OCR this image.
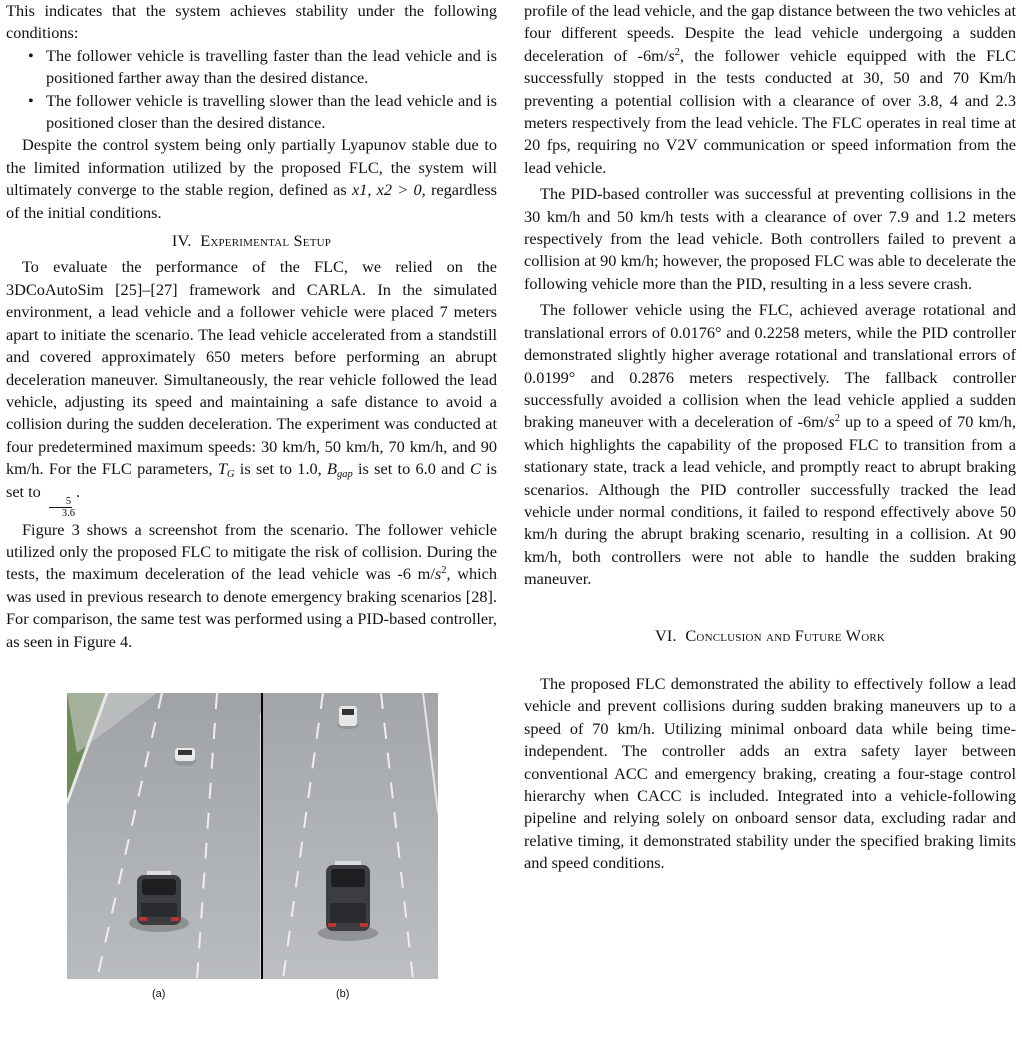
This indicates that the system achieves stability under the following conditions:

• The follower vehicle is travelling faster than the lead vehicle and is positioned farther away than the desired distance.
• The follower vehicle is travelling slower than the lead vehicle and is positioned closer than the desired distance.

Despite the control system being only partially Lyapunov stable due to the limited information utilized by the proposed FLC, the system will ultimately converge to the stable region, defined as x1, x2 > 0, regardless of the initial conditions.

IV. Experimental Setup

To evaluate the performance of the FLC, we relied on the 3DCoAutoSim [25]–[27] framework and CARLA. In the simulated environment, a lead vehicle and a follower vehicle were placed 7 meters apart to initiate the scenario. The lead vehicle accelerated from a standstill and covered approximately 650 meters before performing an abrupt deceleration maneuver. Simultaneously, the rear vehicle followed the lead vehicle, adjusting its speed and maintaining a safe distance to avoid a collision during the sudden deceleration. The experiment was conducted at four predetermined maximum speeds: 30 km/h, 50 km/h, 70 km/h, and 90 km/h. For the FLC parameters, $T_G$ is set to 1.0, $B_{gap}$ is set to 6.0 and C is set to
$\frac{5}{3.6}$
.

Figure 3 shows a screenshot from the scenario. The follower vehicle utilized only the proposed FLC to mitigate the risk of collision. During the tests, the maximum deceleration of the lead vehicle was -6 $m/s^2$, which was used in previous research to denote emergency braking scenarios [28]. For comparison, the same test was performed using a PID-based controller, as seen in Figure 4.

(a)	(b)

profile of the lead vehicle, and the gap distance between the two vehicles at four different speeds. Despite the lead vehicle undergoing a sudden deceleration of $-6m/s^2$, the follower vehicle equipped with the FLC successfully stopped in the tests conducted at 30, 50 and 70 Km/h preventing a potential collision with a clearance of over 3.8, 4 and 2.3 meters respectively from the lead vehicle. The FLC operates in real time at 20 fps, requiring no V2V communication or speed information from the lead vehicle.

The PID-based controller was successful at preventing collisions in the 30 km/h and 50 km/h tests with a clearance of over 7.9 and 1.2 meters respectively from the lead vehicle. Both controllers failed to prevent a collision at 90 km/h; however, the proposed FLC was able to decelerate the following vehicle more than the PID, resulting in a less severe crash.

The follower vehicle using the FLC, achieved average rotational and translational errors of 0.0176° and 0.2258 meters, while the PID controller demonstrated slightly higher average rotational and translational errors of 0.0199° and 0.2876 meters respectively. The fallback controller successfully avoided a collision when the lead vehicle applied a sudden braking maneuver with a deceleration of $-6m/s^2$ up to a speed of 70 km/h, which highlights the capability of the proposed FLC to transition from a stationary state, track a lead vehicle, and promptly react to abrupt braking scenarios. Although the PID controller successfully tracked the lead vehicle under normal conditions, it failed to respond effectively above 50 km/h during the abrupt braking scenario, resulting in a collision. At 90 km/h, both controllers were not able to handle the sudden braking maneuver.

VI. Conclusion and Future Work

The proposed FLC demonstrated the ability to effectively follow a lead vehicle and prevent collisions during sudden braking maneuvers up to a speed of 70 km/h. Utilizing minimal onboard data while being time-independent. The controller adds an extra safety layer between conventional ACC and emergency braking, creating a four-stage control hierarchy when CACC is included. Integrated into a vehicle-following pipeline and relying solely on onboard sensor data, excluding radar and relative timing, it demonstrated stability under the specified braking limits and speed conditions.
